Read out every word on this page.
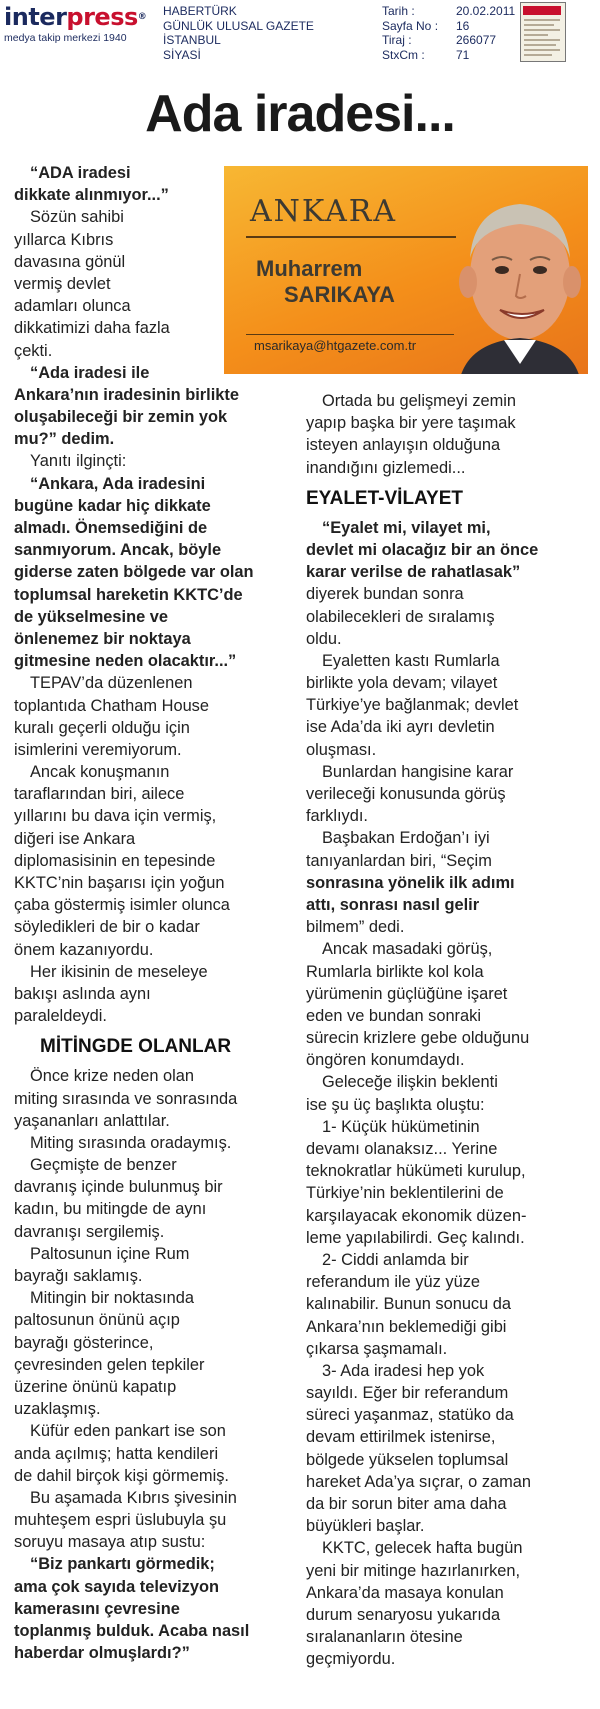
interpress®
medya takip merkezi 1940
HABERTÜRK
GÜNLÜK ULUSAL GAZETE
İSTANBUL
SİYASİ
Tarih :	20.02.2011
Sayfa No :	16
Tiraj :	266077
StxCm :	71
Ada iradesi...
ANKARA
Muharrem
SARIKAYA
msarikaya@htgazete.com.tr
“ADA iradesi
dikkate alınmıyor...”
Sözün sahibi
yıllarca Kıbrıs
davasına gönül
vermiş devlet
adamları olunca
dikkatimizi daha fazla
çekti.
“Ada iradesi ile
Ankara’nın iradesinin birlikte
oluşabileceği bir zemin yok
mu?” dedim.
Yanıtı ilginçti:
“Ankara, Ada iradesini
bugüne kadar hiç dikkate
almadı. Önemsediğini de
sanmıyorum. Ancak, böyle
giderse zaten bölgede var olan
toplumsal hareketin KKTC’de
de yükselmesine ve
önlenemez bir noktaya
gitmesine neden olacaktır...”
TEPAV’da düzenlenen
toplantıda Chatham House
kuralı geçerli olduğu için
isimlerini veremiyorum.
Ancak konuşmanın
taraflarından biri, ailece
yıllarını bu dava için vermiş,
diğeri ise Ankara
diplomasisinin en tepesinde
KKTC’nin başarısı için yoğun
çaba göstermiş isimler olunca
söyledikleri de bir o kadar
önem kazanıyordu.
Her ikisinin de meseleye
bakışı aslında aynı
paraleldeydi.
MİTİNGDE OLANLAR
Önce krize neden olan
miting sırasında ve sonrasında
yaşananları anlattılar.
Miting sırasında oradaymış.
Geçmişte de benzer
davranış içinde bulunmuş bir
kadın, bu mitingde de aynı
davranışı sergilemiş.
Paltosunun içine Rum
bayrağı saklamış.
Mitingin bir noktasında
paltosunun önünü açıp
bayrağı gösterince,
çevresinden gelen tepkiler
üzerine önünü kapatıp
uzaklaşmış.
Küfür eden pankart ise son
anda açılmış; hatta kendileri
de dahil birçok kişi görmemiş.
Bu aşamada Kıbrıs şivesinin
muhteşem espri üslubuyla şu
soruyu masaya atıp sustu:
“Biz pankartı görmedik;
ama çok sayıda televizyon
kamerasını çevresine
toplanmış bulduk. Acaba nasıl
haberdar olmuşlardı?”
Ortada bu gelişmeyi zemin
yapıp başka bir yere taşımak
isteyen anlayışın olduğuna
inandığını gizlemedi...
EYALET-VİLAYET
“Eyalet mi, vilayet mi,
devlet mi olacağız bir an önce
karar verilse de rahatlasak”
diyerek bundan sonra
olabilecekleri de sıralamış
oldu.
Eyaletten kastı Rumlarla
birlikte yola devam; vilayet
Türkiye’ye bağlanmak; devlet
ise Ada’da iki ayrı devletin
oluşması.
Bunlardan hangisine karar
verileceği konusunda görüş
farklıydı.
Başbakan Erdoğan’ı iyi
tanıyanlardan biri, “Seçim
sonrasına yönelik ilk adımı
attı, sonrası nasıl gelir
bilmem” dedi.
Ancak masadaki görüş,
Rumlarla birlikte kol kola
yürümenin güçlüğüne işaret
eden ve bundan sonraki
sürecin krizlere gebe olduğunu
öngören konumdaydı.
Geleceğe ilişkin beklenti
ise şu üç başlıkta oluştu:
1- Küçük hükümetinin
devamı olanaksız... Yerine
teknokratlar hükümeti kurulup,
Türkiye’nin beklentilerini de
karşılayacak ekonomik düzen-
leme yapılabilirdi. Geç kalındı.
2- Ciddi anlamda bir
referandum ile yüz yüze
kalınabilir. Bunun sonucu da
Ankara’nın beklemediği gibi
çıkarsa şaşmamalı.
3- Ada iradesi hep yok
sayıldı. Eğer bir referandum
süreci yaşanmaz, statüko da
devam ettirilmek istenirse,
bölgede yükselen toplumsal
hareket Ada’ya sıçrar, o zaman
da bir sorun biter ama daha
büyükleri başlar.
KKTC, gelecek hafta bugün
yeni bir mitinge hazırlanırken,
Ankara’da masaya konulan
durum senaryosu yukarıda
sıralananların ötesine
geçmiyordu.
